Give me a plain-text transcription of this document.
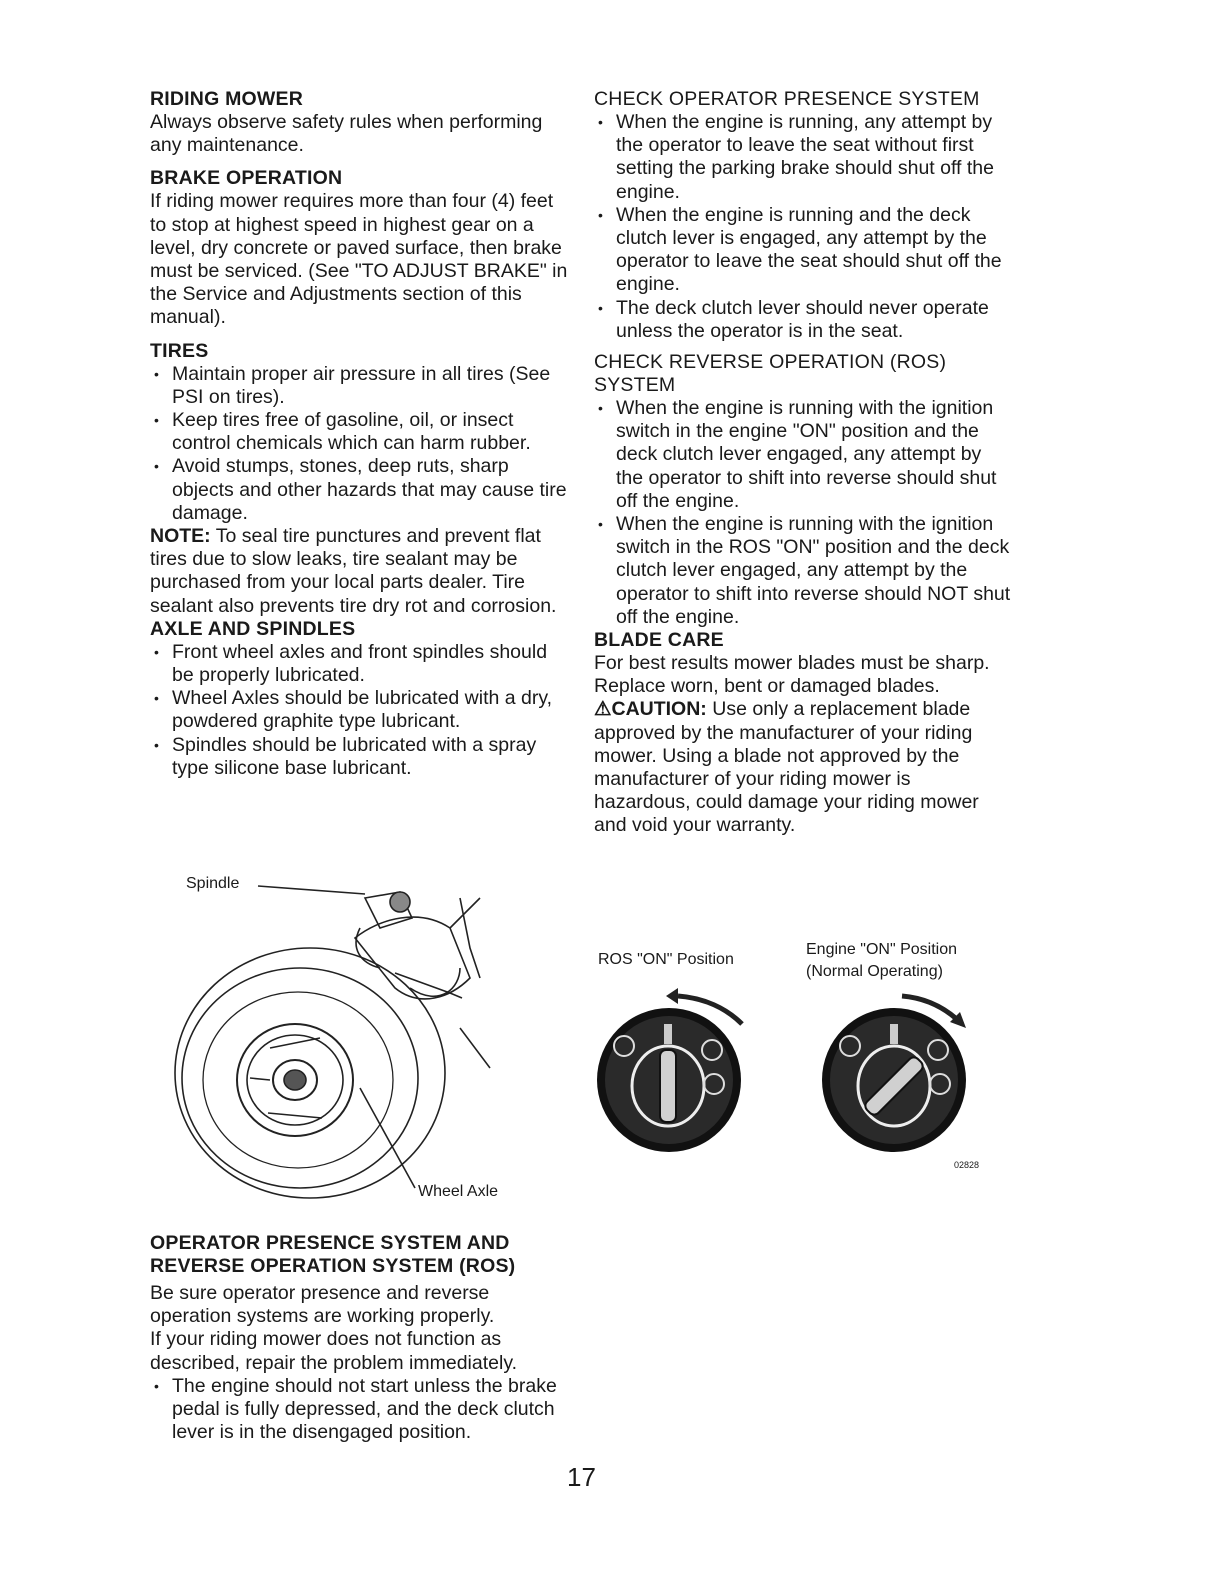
RIDING MOWER

Always observe safety rules when performing any maintenance.

BRAKE OPERATION

If riding mower requires more than four (4) feet to stop at highest speed in highest gear on a level, dry concrete or paved surface, then brake must be serviced. (See "TO ADJUST BRAKE" in the Service and Adjustments section of this manual).

TIRES
• Maintain proper air pressure in all tires (See PSI on tires).
• Keep tires free of gasoline, oil, or insect control chemicals which can harm rubber.
• Avoid stumps, stones, deep ruts, sharp objects and other hazards that may cause tire damage.

NOTE: To seal tire punctures and prevent flat tires due to slow leaks, tire sealant may be purchased from your local parts dealer. Tire sealant also prevents tire dry rot and corrosion.

AXLE AND SPINDLES
• Front wheel axles and front spindles should be properly lubricated.
• Wheel Axles should be lubricated with a dry, powdered graphite type lubricant.
• Spindles should be lubricated with a spray type silicone base lubricant.
Spindle
Wheel Axle
OPERATOR PRESENCE SYSTEM AND
REVERSE OPERATION SYSTEM (ROS)

Be sure operator presence and reverse operation systems are working properly.

If your riding mower does not function as described, repair the problem immediately.

• The engine should not start unless the brake pedal is fully depressed, and the deck clutch lever is in the disengaged position.
CHECK OPERATOR PRESENCE SYSTEM
• When the engine is running, any attempt by the operator to leave the seat without first setting the parking brake should shut off the engine.
• When the engine is running and the deck clutch lever is engaged, any attempt by the operator to leave the seat should shut off the engine.
• The deck clutch lever should never operate unless the operator is in the seat.
CHECK REVERSE OPERATION (ROS) SYSTEM
• When the engine is running with the ignition switch in the engine "ON" position and the deck clutch lever engaged, any attempt by the operator to shift into reverse should shut off the engine.
• When the engine is running with the ignition switch in the ROS "ON" position and the deck clutch lever engaged, any attempt by the operator to shift into reverse should NOT shut off the engine.
BLADE CARE

For best results mower blades must be sharp. Replace worn, bent or damaged blades.

⚠CAUTION: Use only a replacement blade approved by the manufacturer of your riding mower. Using a blade not approved by the manufacturer of your riding mower is hazardous, could damage your riding mower and void your warranty.

ROS "ON" Position
Engine "ON" Position
(Normal Operating)
02828
17
